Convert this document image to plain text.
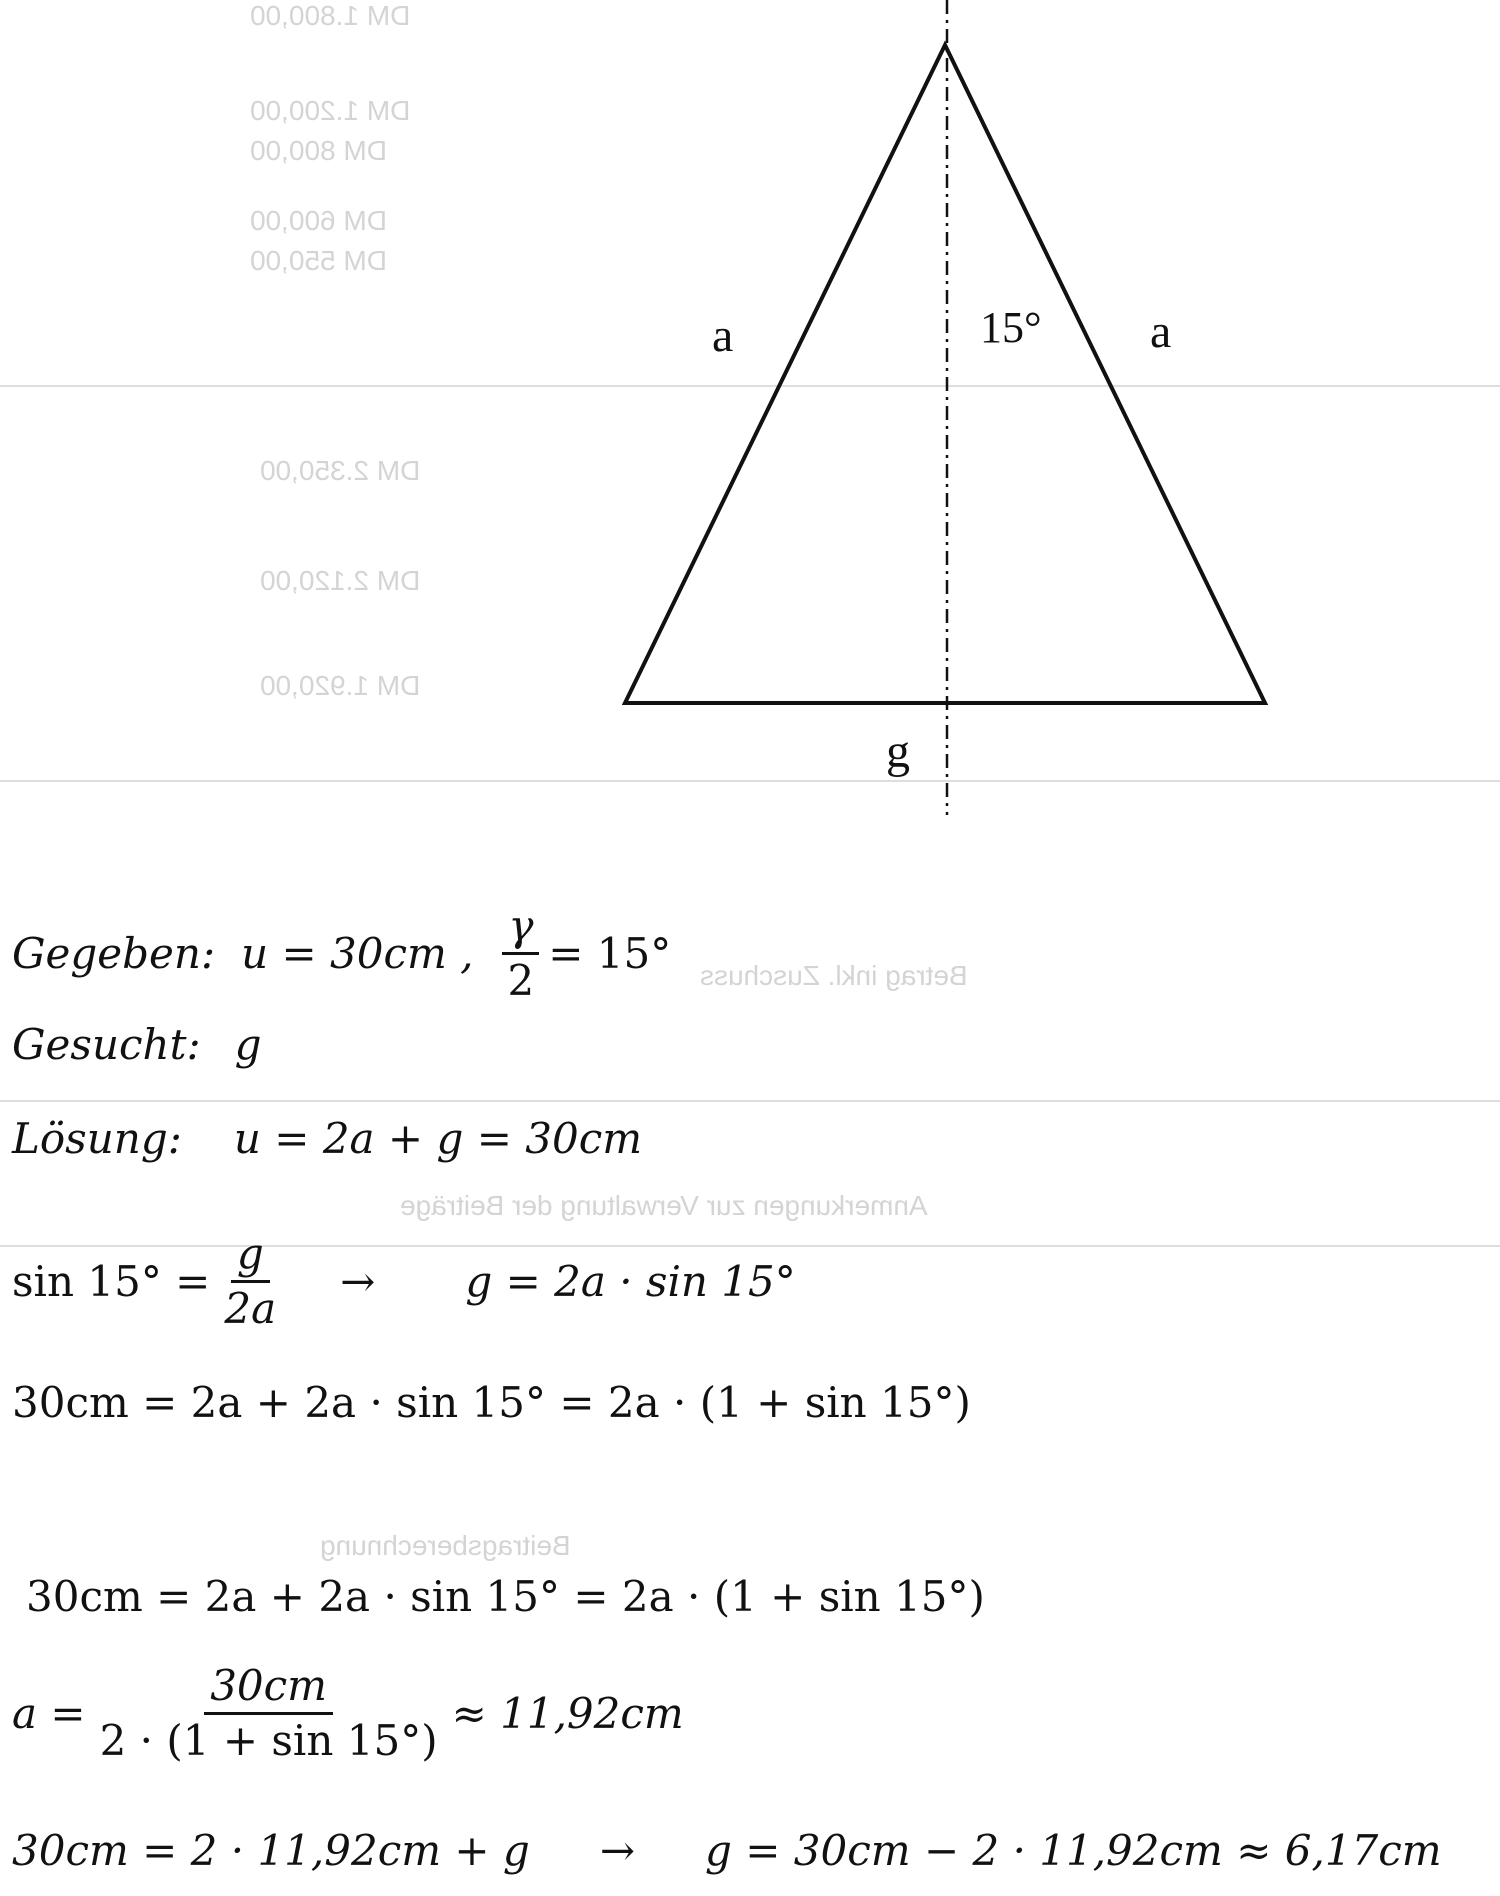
DM 1.800,00
DM 1.200,00
DM 800,00
DM 600,00
DM 550,00
DM 2.350,00
DM 2.120,00
DM 1.920,00
Betrag inkl. Zuschuss
Anmerkungen zur Verwaltung der Beiträge
Beitragsberechnung
a	a
15°
g
Gegeben: u = 30cm , $\frac{\gamma}{2} = 15^\circ$
Gesucht: g
Lösung: u = 2a + g = 30cm
$\sin 15^\circ = \frac{g}{2a} \to g = 2a \cdot \sin 15^\circ$
30cm = 2a + 2a · sin 15° = 2a · (1 + sin 15°)
30cm = 2a + 2a · sin 15° = 2a · (1 + sin 15°)
$a = \frac{30cm}{2 \cdot (1 + \sin 15^\circ)} \approx 11,92cm$
30cm = 2 · 11,92cm + g → g = 30cm − 2 · 11,92cm ≈ 6,17cm
